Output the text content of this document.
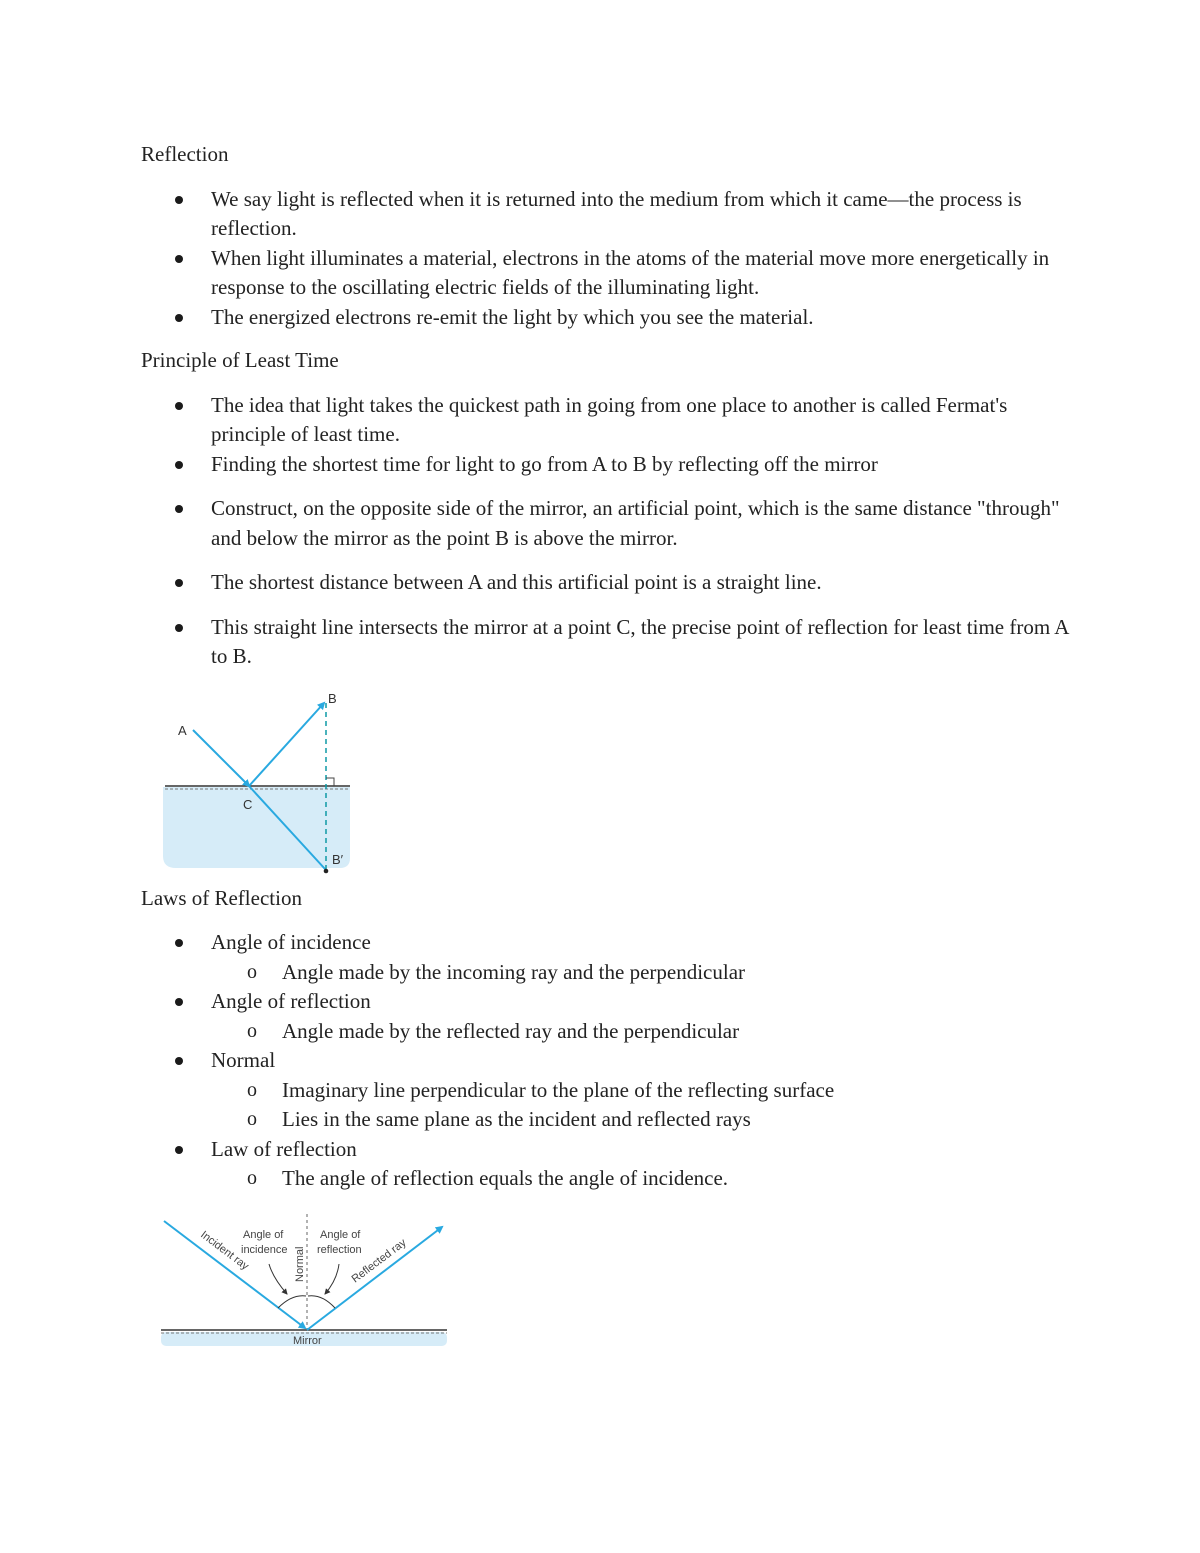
Reflection

We say light is reflected when it is returned into the medium from which it came—the process is reflection.
When light illuminates a material, electrons in the atoms of the material move more energetically in response to the oscillating electric fields of the illuminating light.
The energized electrons re-emit the light by which you see the material.

Principle of Least Time

The idea that light takes the quickest path in going from one place to another is called Fermat's principle of least time.
Finding the shortest time for light to go from A to B by reflecting off the mirror
Construct, on the opposite side of the mirror, an artificial point, which is the same distance "through" and below the mirror as the point B is above the mirror.
The shortest distance between A and this artificial point is a straight line.
This straight line intersects the mirror at a point C, the precise point of reflection for least time from A to B.
A
B
C
B′

Laws of Reflection

Angle of incidence
o Angle made by the incoming ray and the perpendicular
Angle of reflection
o Angle made by the reflected ray and the perpendicular
Normal
o Imaginary line perpendicular to the plane of the reflecting surface
o Lies in the same plane as the incident and reflected rays
Law of reflection
o The angle of reflection equals the angle of incidence.
Angle of
incidence
Angle of
reflection
Normal
Incident ray	Reflected ray
Mirror
